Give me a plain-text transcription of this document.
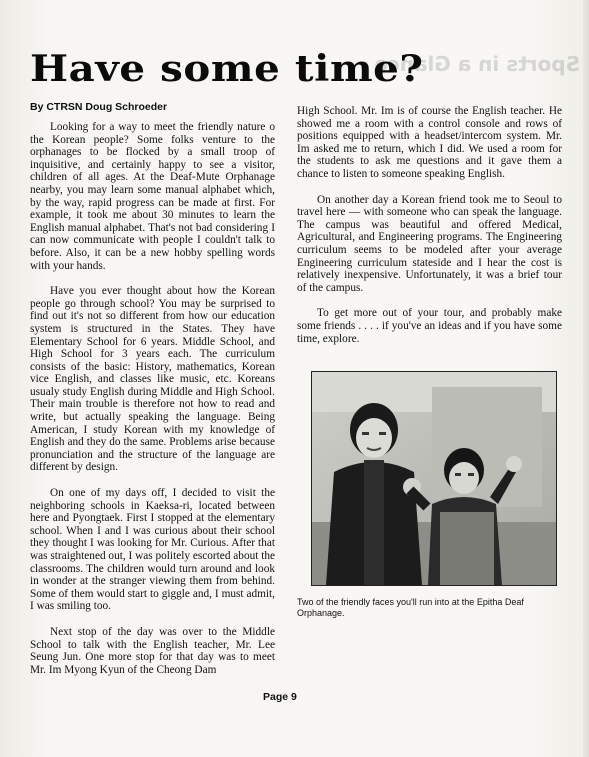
Sports in a Glance
Have some time?
By CTRSN Doug Schroeder

Looking for a way to meet the friendly nature o the Korean people? Some folks venture to the orphanages to be flocked by a small troop of inquisitive, and certainly happy to see a visitor, children of all ages. At the Deaf-Mute Orphanage nearby, you may learn some manual alphabet which, by the way, rapid progress can be made at first. For example, it took me about 30 minutes to learn the English manual alphabet. That's not bad considering I can now communicate with people I couldn't talk to before. Also, it can be a new hobby spelling words with your hands.

Have you ever thought about how the Korean people go through school? You may be surprised to find out it's not so different from how our education system is structured in the States. They have Elementary School for 6 years. Middle School, and High School for 3 years each. The curriculum consists of the basic: History, mathematics, Korean vice English, and classes like music, etc. Koreans usualy study English during Middle and High School. Their main trouble is therefore not how to read and write, but actually speaking the language. Being American, I study Korean with my knowledge of English and they do the same. Problems arise because pronunciation and the structure of the language are different by design.

On one of my days off, I decided to visit the neighboring schools in Kaeksa-ri, located between here and Pyongtaek. First I stopped at the elementary school. When I and I was curious about their school they thought I was looking for Mr. Curious. After that was straightened out, I was politely escorted about the classrooms. The children would turn around and look in wonder at the stranger viewing them from behind. Some of them would start to giggle and, I must admit, I was smiling too.

Next stop of the day was over to the Middle School to talk with the English teacher, Mr. Lee Seung Jun. One more stop for that day was to meet Mr. Im Myong Kyun of the Cheong Dam

High School. Mr. Im is of course the English teacher. He showed me a room with a control console and rows of positions equipped with a headset/intercom system. Mr. Im asked me to return, which I did. We used a room for the students to ask me questions and it gave them a chance to listen to someone speaking English.

On another day a Korean friend took me to Seoul to travel here — with someone who can speak the language. The campus was beautiful and offered Medical, Agricultural, and Engineering programs. The Engineering curriculum seems to be modeled after your average Engineering curriculum stateside and I hear the cost is relatively inexpensive. Unfortunately, it was a brief tour of the campus.

To get more out of your tour, and probably make some friends . . . . if you've an ideas and if you have some time, explore.

Two of the friendly faces you'll run into at the Epitha Deaf Orphanage.
Page 9
